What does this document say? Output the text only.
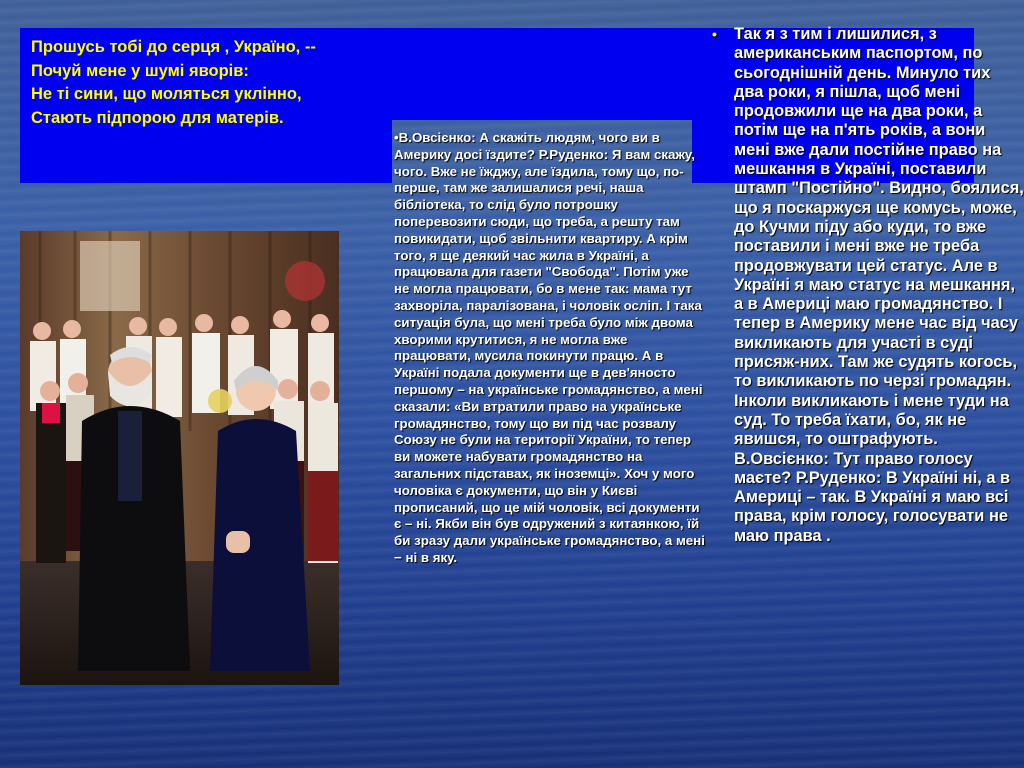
Прошусь тобі до серця , Україно, --
Почуй мене у шумі яворів:
Не ті сини, що моляться уклінно,
Стають підпорою для матерів.
•В.Овсієнко: А скажіть людям, чого ви в Америку досі їздите? Р.Руденко: Я вам скажу, чого. Вже не їжджу, але їздила, тому що, по-перше, там же залишалися речі, наша бібліотека, то слід було потрошку поперевозити сюди, що треба, а решту там повикидати, щоб звільнити квартиру. А крім того, я ще деякий час жила в Україні, а працювала для газети "Свобода". Потім уже не могла працювати, бо в мене так: мама тут захворіла, паралізована, і чоловік осліп. І така ситуація була, що мені треба було між двома хворими крутитися, я не могла вже працювати, мусила покинути працю. А в Україні подала документи ще в дев'яносто першому – на українське громадянство, а мені сказали: «Ви втратили право на українське громадянство, тому що ви під час розвалу Союзу не були на території України, то тепер ви можете набувати громадянство на загальних підставах, як іноземці». Хоч у мого чоловіка є документи, що він у Києві прописаний, що це мій чоловік, всі документи є – ні. Якби він був одружений з китаянкою, їй би зразу дали українське громадянство, а мені − ні в яку.
•	Так я з тим і лишилися, з американським паспортом, по сьогоднішній день. Минуло тих два роки, я пішла, щоб мені продовжили ще на два роки, а потім ще на п'ять років, а вони мені вже дали постійне право на мешкання в Україні, поставили штамп "Постійно". Видно, боялися, що я поскаржуся ще комусь, може, до Кучми піду або куди, то вже поставили і мені вже не треба продовжувати цей статус. Але в Україні я маю статус на мешкання, а в Америці маю громадянство. І тепер в Америку мене час від часу викликають для участі в суді присяж-них. Там же судять когось, то викликають по черзі громадян. Інколи викликають і мене туди на суд. То треба їхати, бо, як не явишся, то оштрафують. В.Овсієнко: Тут право голосу маєте? Р.Руденко: В Україні ні, а в Америці – так. В Україні я маю всі права, крім голосу, голосувати не маю права .
